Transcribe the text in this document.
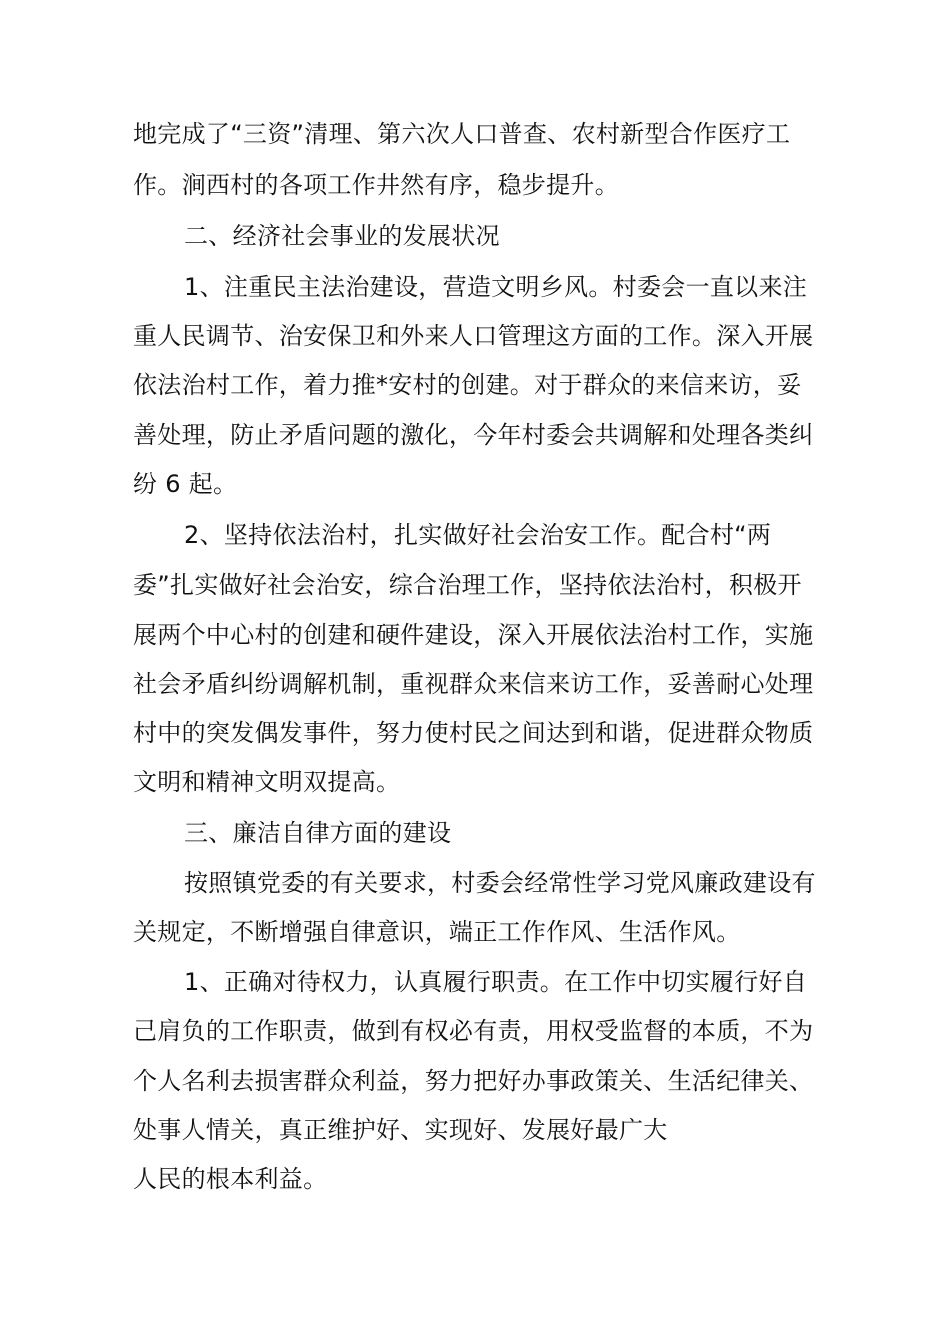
地完成了“三资”清理、第六次人口普查、农村新型合作医疗工
作。涧西村的各项工作井然有序，稳步提升。
二、经济社会事业的发展状况
1、注重民主法治建设，营造文明乡风。村委会一直以来注
重人民调节、治安保卫和外来人口管理这方面的工作。深入开展
依法治村工作，着力推*安村的创建。对于群众的来信来访，妥
善处理，防止矛盾问题的激化，今年村委会共调解和处理各类纠
纷 6 起。
2、坚持依法治村，扎实做好社会治安工作。配合村“两
委”扎实做好社会治安，综合治理工作，坚持依法治村，积极开
展两个中心村的创建和硬件建设，深入开展依法治村工作，实施
社会矛盾纠纷调解机制，重视群众来信来访工作，妥善耐心处理
村中的突发偶发事件，努力使村民之间达到和谐，促进群众物质
文明和精神文明双提高。
三、廉洁自律方面的建设
按照镇党委的有关要求，村委会经常性学习党风廉政建设有
关规定，不断增强自律意识，端正工作作风、生活作风。
1、正确对待权力，认真履行职责。在工作中切实履行好自
己肩负的工作职责，做到有权必有责，用权受监督的本质，不为
个人名利去损害群众利益，努力把好办事政策关、生活纪律关、
处事人情关，真正维护好、实现好、发展好最广大
人民的根本利益。
